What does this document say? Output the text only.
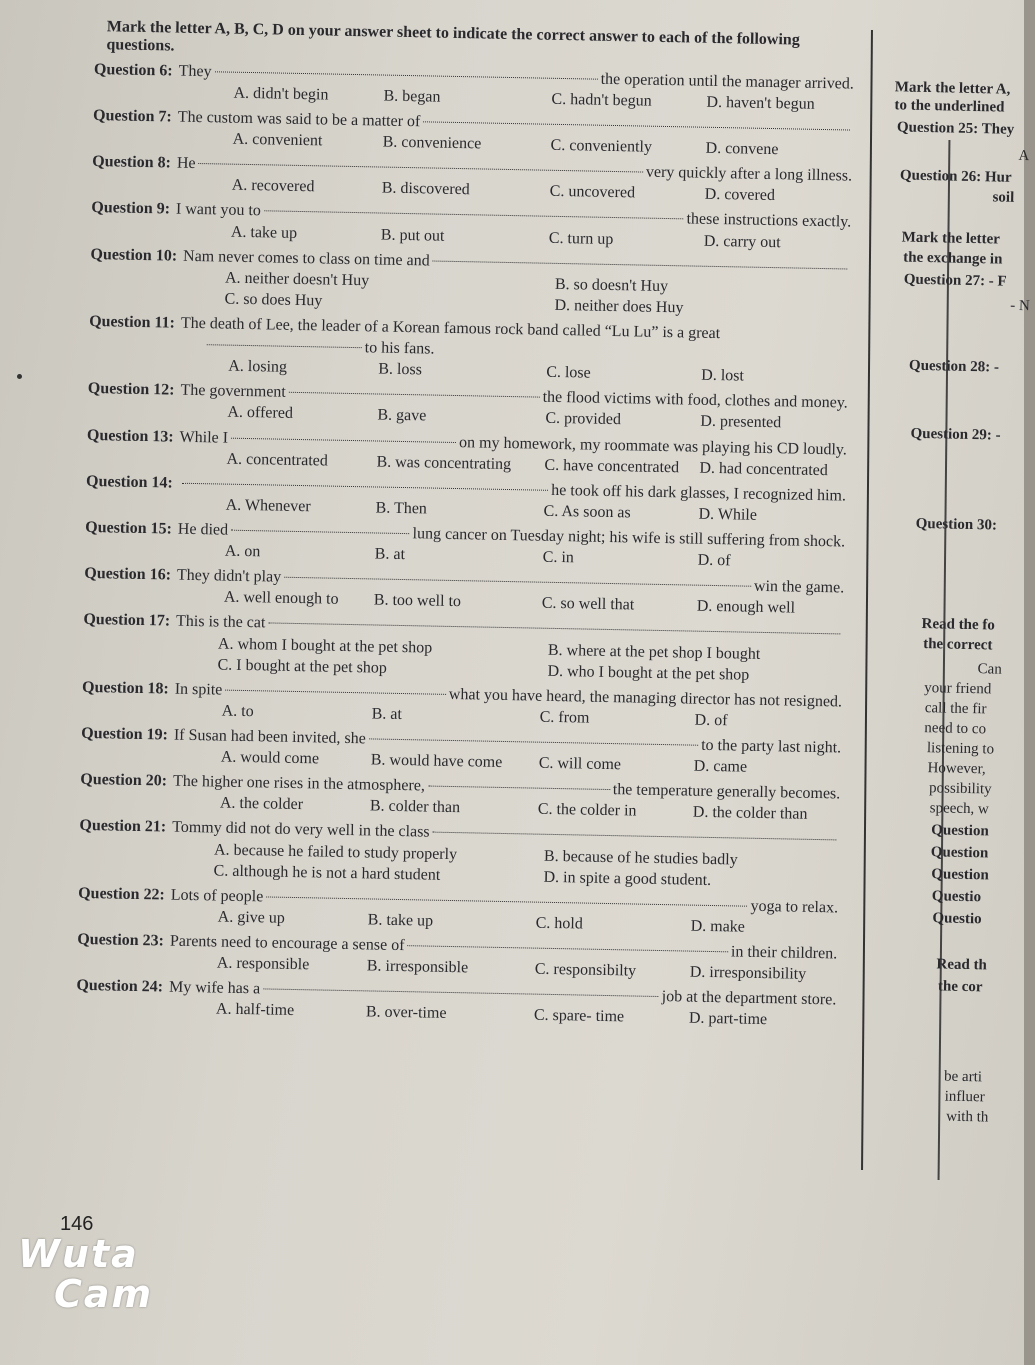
Mark the letter A, B, C, D on your answer sheet to indicate the correct answer to each of the following questions.
Question 6: They	the operation until the manager arrived.
A. didn't begin	B. began	C. hadn't begun	D. haven't begun
Question 7: The custom was said to be a matter of
A. convenient	B. convenience	C. conveniently	D. convene
Question 8: He
very quickly after a long illness.
A. recovered	B. discovered	C. uncovered	D. covered
Question 9: I want you to
these instructions exactly.
A. take up	B. put out	C. turn up	D. carry out
Question 10: Nam never comes to class on time and
A. neither doesn't Huy	B. so doesn't Huy
C. so does Huy	D. neither does Huy
Question 11: The death of Lee, the leader of a Korean famous rock band called “Lu Lu” is a great
to his fans.
A. losing	B. loss	C. lose	D. lost
Question 12: The government	the flood victims with food, clothes and money.
A. offered	B. gave	C. provided	D. presented
Question 13: While I	on my homework, my roommate was playing his CD loudly.
A. concentrated	B. was concentrating	C. have concentrated	D. had concentrated
Question 14:	he took off his dark glasses, I recognized him.
A. Whenever	B. Then	C. As soon as	D. While
Question 15: He died	lung cancer on Tuesday night; his wife is still suffering from shock.
A. on	B. at	C. in	D. of
Question 16: They didn't play
win the game.
A. well enough to	B. too well to	C. so well that	D. enough well
Question 17: This is the cat
A. whom I bought at the pet shop	B. where at the pet shop I bought
C. I bought at the pet shop	D. who I bought at the pet shop
Question 18: In spite	what you have heard, the managing director has not resigned.
A. to	B. at	C. from	D. of
Question 19: If Susan had been invited, she	to the party last night.
A. would come	B. would have come	C. will come	D. came
Question 20: The higher one rises in the atmosphere,	the temperature generally becomes.
A. the colder	B. colder than	C. the colder in	D. the colder than
Question 21: Tommy did not do very well in the class
A. because he failed to study properly	B. because of he studies badly
C. although he is not a hard student	D. in spite a good student.
Question 22: Lots of people
yoga to relax.
A. give up	B. take up	C. hold	D. make
Question 23: Parents need to encourage a sense of	in their children.
A. responsible	B. irresponsible	C. responsibilty	D. irresponsibility
Question 24: My wife has a
job at the department store.
A. half-time	B. over-time	C. spare- time	D. part-time
Mark the letter A,
to the underlined
Question 25: They
A
Question 26: Hur
soil
Mark the letter
the exchange in
Question 27: - F
- N
Question 28: -
Question 29: -
Question 30:
Read the fo
the correct
Can
your friend
call the fir
need to co
listening to
However,
possibility
speech, w
Question
Question
Question
Questio
Questio
Read th
the cor
be arti
influer
with th
146
Wuta
Cam
